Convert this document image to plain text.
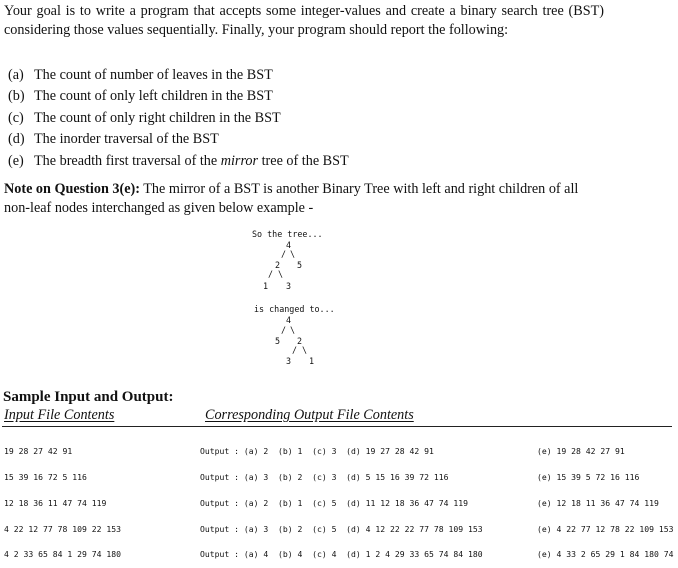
Your goal is to write a program that accepts some integer-values and create a binary search tree (BST) considering those values sequentially. Finally, your program should report the following:
(a) The count of number of leaves in the BST
(b) The count of only left children in the BST
(c) The count of only right children in the BST
(d) The inorder traversal of the BST
(e) The breadth first traversal of the mirror tree of the BST
Note on Question 3(e): The mirror of a BST is another Binary Tree with left and right children of all non-leaf nodes interchanged as given below example -
So the tree...
4
/ \
2 5
/ \
1 3
is changed to...
4
/ \
5 2
/ \
3 1
Sample Input and Output:
Input File Contents	Corresponding Output File Contents

19 28 27 42 91

15 39 16 72 5 116

12 18 36 11 47 74 119

4 22 12 77 78 109 22 153

4 2 33 65 84 1 29 74 180

Output : (a) 2  (b) 1  (c) 3  (d) 19 27 28 42 91

Output : (a) 3  (b) 2  (c) 3  (d) 5 15 16 39 72 116

Output : (a) 2  (b) 1  (c) 5  (d) 11 12 18 36 47 74 119

Output : (a) 3  (b) 2  (c) 5  (d) 4 12 22 22 77 78 109 153

Output : (a) 4  (b) 4  (c) 4  (d) 1 2 4 29 33 65 74 84 180

(e) 19 28 42 27 91

(e) 15 39 5 72 16 116

(e) 12 18 11 36 47 74 119

(e) 4 22 77 12 78 22 109 153

(e) 4 33 2 65 29 1 84 180 74
